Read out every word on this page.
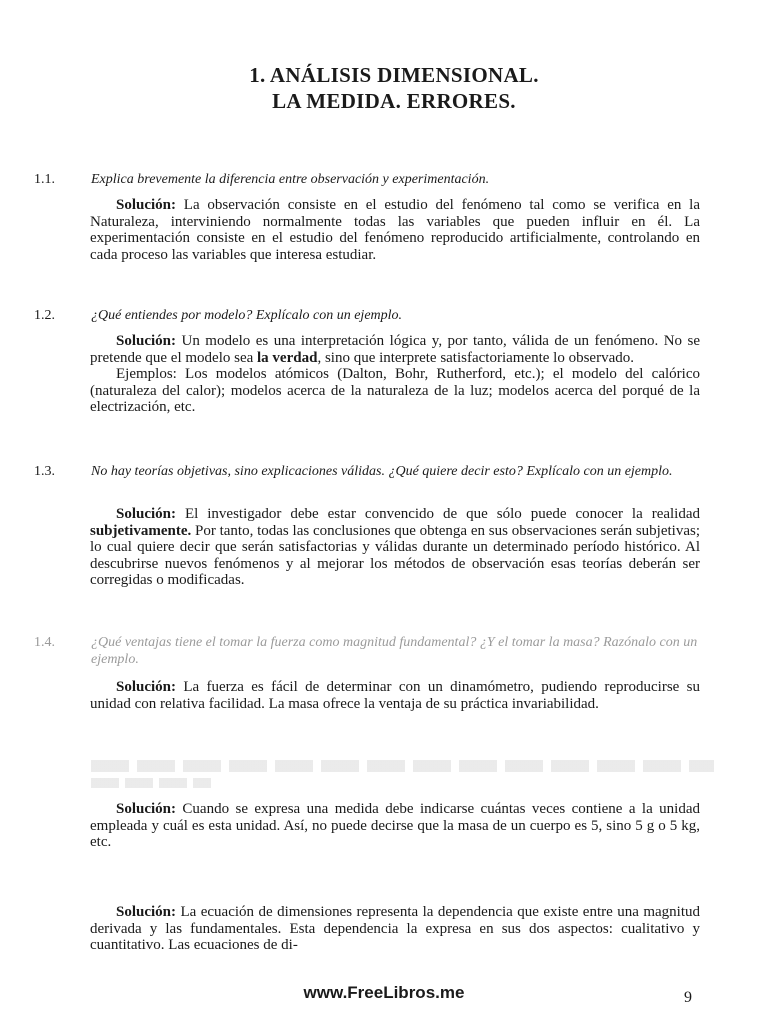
1. ANÁLISIS DIMENSIONAL.
LA MEDIDA. ERRORES.
1.1.	Explica brevemente la diferencia entre observación y experimentación.

Solución: La observación consiste en el estudio del fenómeno tal como se verifica en la Naturaleza, interviniendo normalmente todas las variables que pueden influir en él. La experimentación consiste en el estudio del fenómeno reproducido artificialmente, controlando en cada proceso las variables que interesa estudiar.

1.2.	¿Qué entiendes por modelo? Explícalo con un ejemplo.

Solución: Un modelo es una interpretación lógica y, por tanto, válida de un fenómeno. No se pretende que el modelo sea la verdad, sino que interprete satisfactoriamente lo observado.

Ejemplos: Los modelos atómicos (Dalton, Bohr, Rutherford, etc.); el modelo del calórico (naturaleza del calor); modelos acerca de la naturaleza de la luz; modelos acerca del porqué de la electrización, etc.

1.3.	No hay teorías objetivas, sino explicaciones válidas. ¿Qué quiere decir esto? Explícalo con un ejemplo.

Solución: El investigador debe estar convencido de que sólo puede conocer la realidad subjetivamente. Por tanto, todas las conclusiones que obtenga en sus observaciones serán subjetivas; lo cual quiere decir que serán satisfactorias y válidas durante un determinado período histórico. Al descubrirse nuevos fenómenos y al mejorar los métodos de observación esas teorías deberán ser corregidas o modificadas.

1.4.	¿Qué ventajas tiene el tomar la fuerza como magnitud fundamental? ¿Y el tomar la masa? Razónalo con un ejemplo.

Solución: La fuerza es fácil de determinar con un dinamómetro, pudiendo reproducirse su unidad con relativa facilidad. La masa ofrece la ventaja de su práctica invariabilidad.

Solución: Cuando se expresa una medida debe indicarse cuántas veces contiene a la unidad empleada y cuál es esta unidad. Así, no puede decirse que la masa de un cuerpo es 5, sino 5 g o 5 kg, etc.

Solución: La ecuación de dimensiones representa la dependencia que existe entre una magnitud derivada y las fundamentales. Esta dependencia la expresa en sus dos aspectos: cualitativo y cuantitativo. Las ecuaciones de di-

www.FreeLibros.me	9
